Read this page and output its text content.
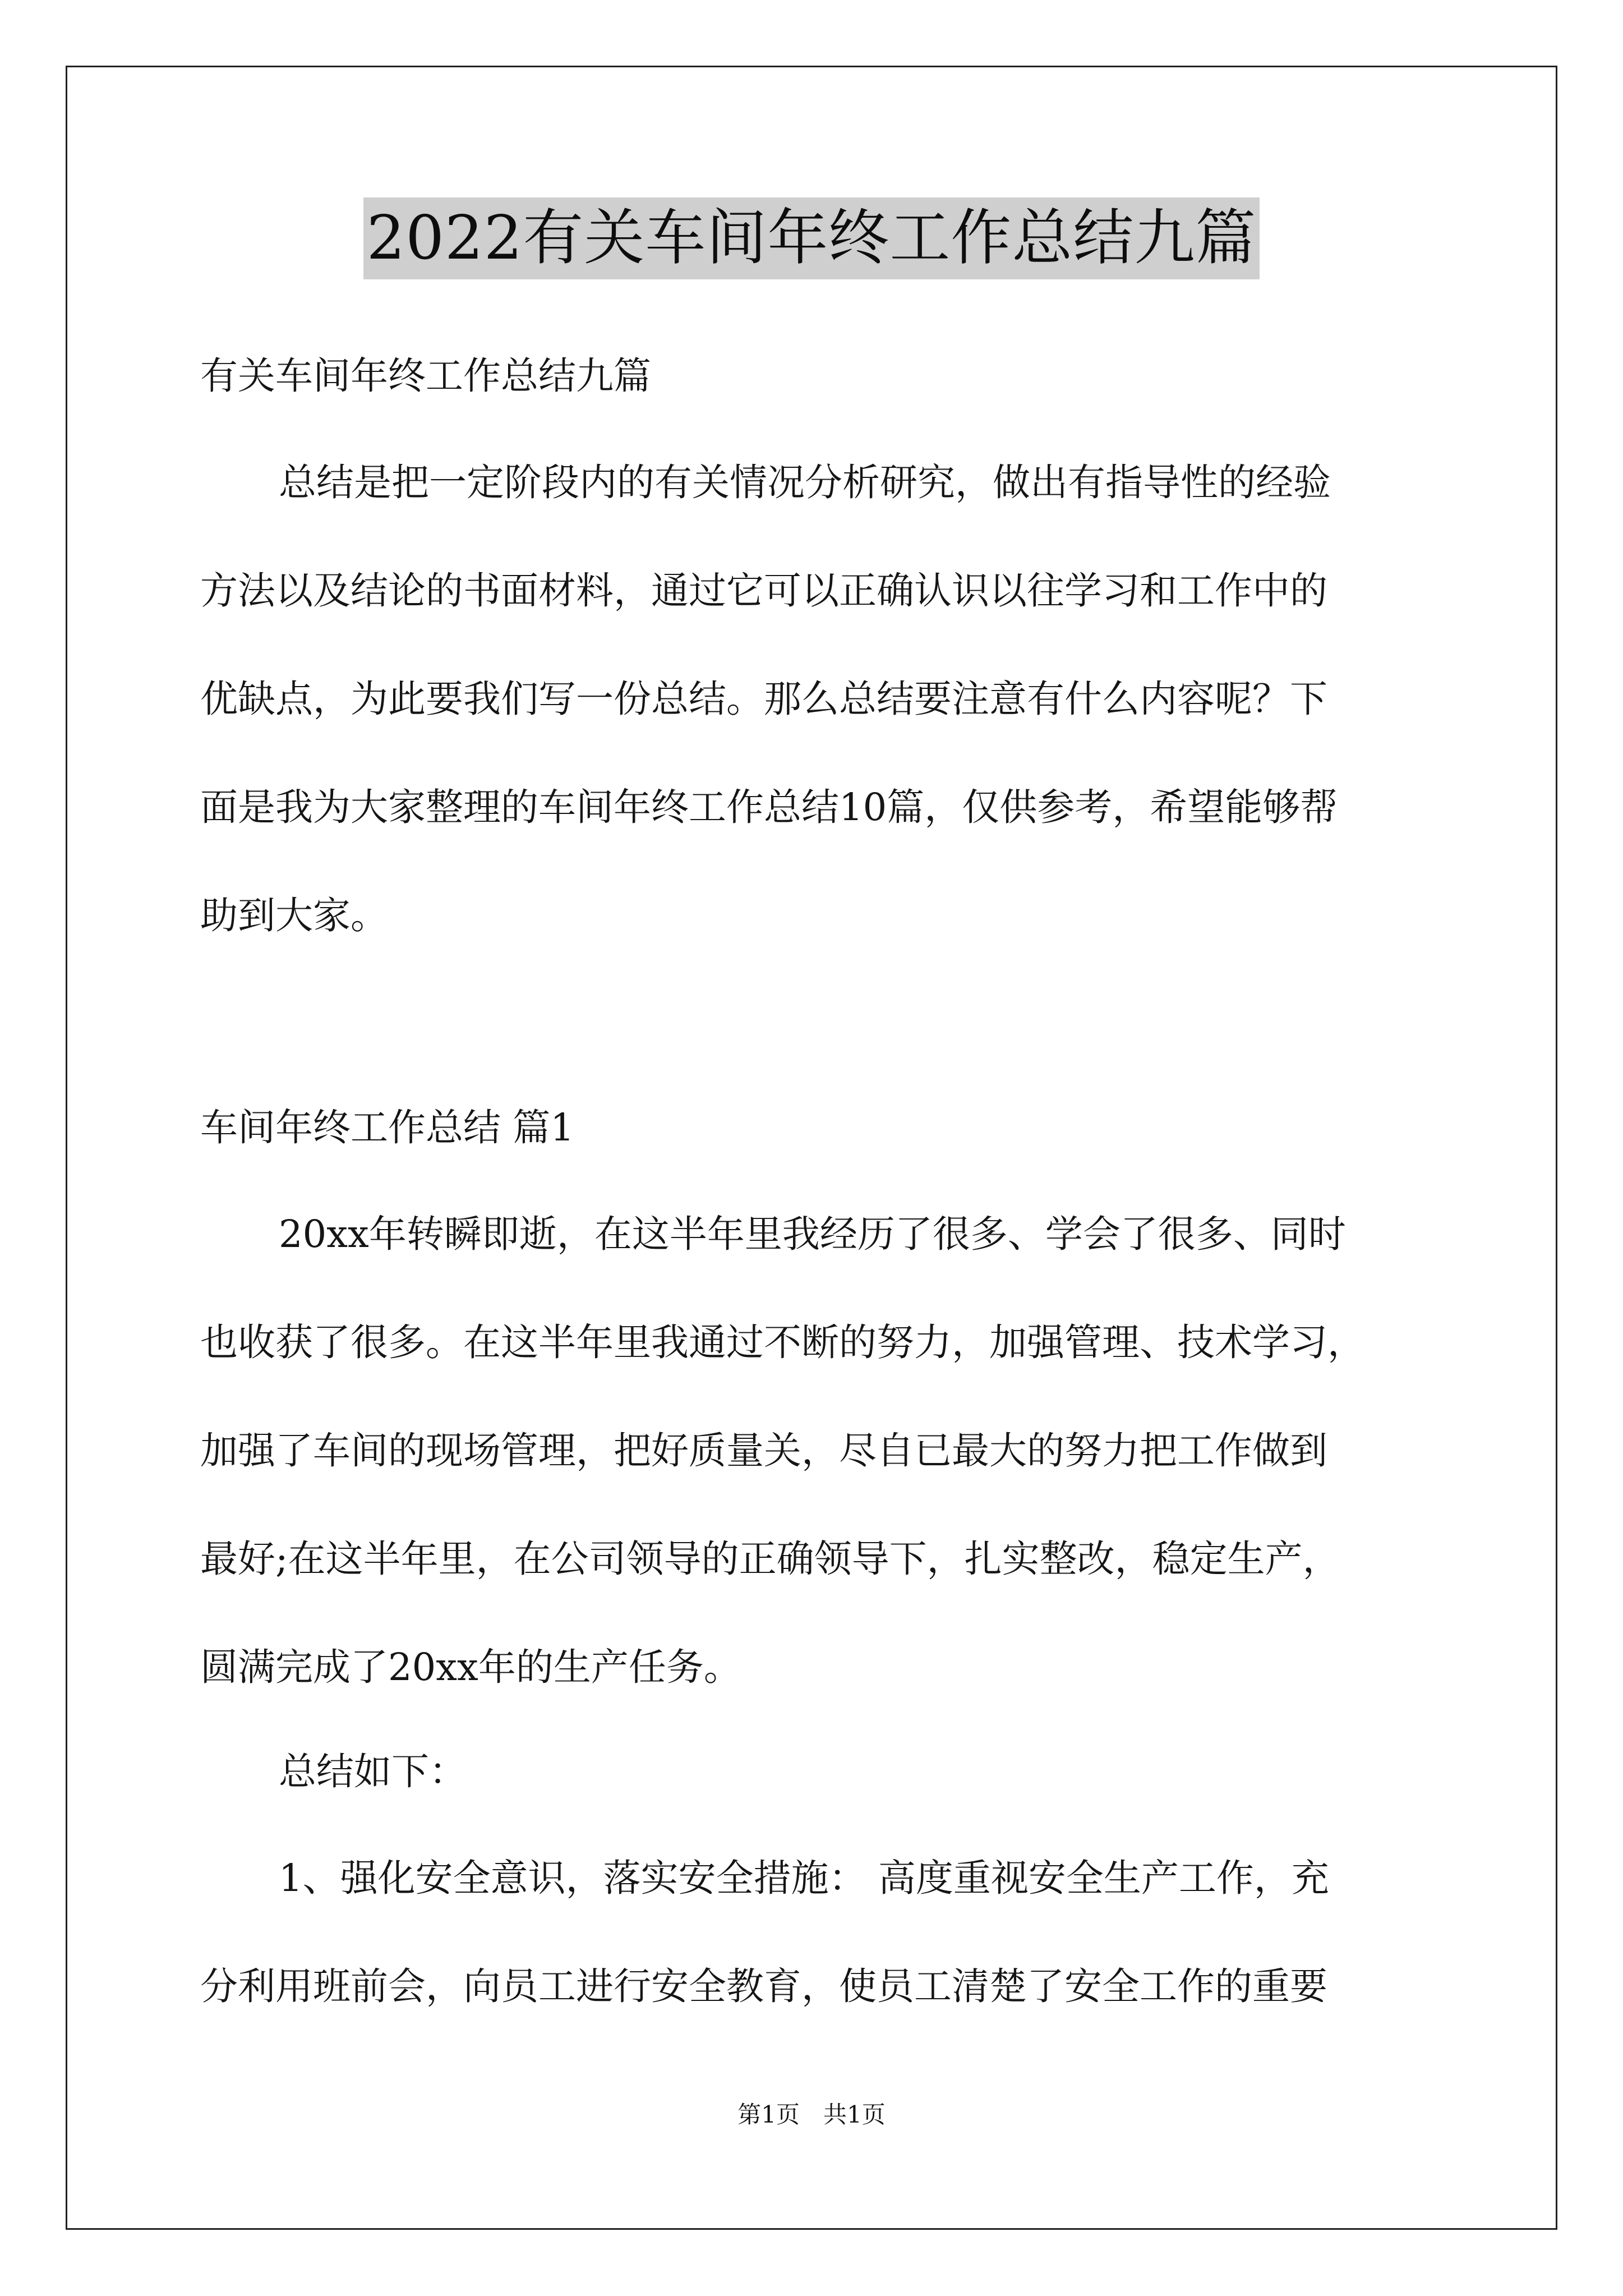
2022有关车间年终工作总结九篇
有关车间年终工作总结九篇
总结是把一定阶段内的有关情况分析研究，做出有指导性的经验
方法以及结论的书面材料，通过它可以正确认识以往学习和工作中的
优缺点，为此要我们写一份总结。那么总结要注意有什么内容呢？下
面是我为大家整理的车间年终工作总结10篇，仅供参考，希望能够帮
助到大家。
车间年终工作总结 篇1
20xx年转瞬即逝，在这半年里我经历了很多、学会了很多、同时
也收获了很多。在这半年里我通过不断的努力，加强管理、技术学习，
加强了车间的现场管理，把好质量关，尽自已最大的努力把工作做到
最好;在这半年里，在公司领导的正确领导下，扎实整改，稳定生产，
圆满完成了20xx年的生产任务。
总结如下：
1、强化安全意识，落实安全措施： 高度重视安全生产工作，充
分利用班前会，向员工进行安全教育，使员工清楚了安全工作的重要
第1页　共1页
